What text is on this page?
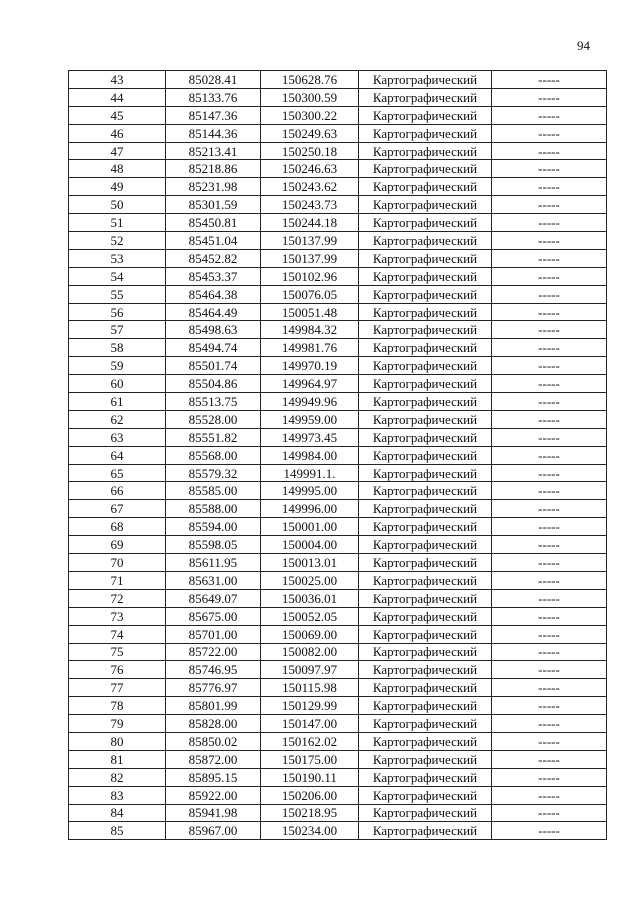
94
43	85028.41	150628.76	Картографический	-----
44	85133.76	150300.59	Картографический	-----
45	85147.36	150300.22	Картографический	-----
46	85144.36	150249.63	Картографический	-----
47	85213.41	150250.18	Картографический	-----
48	85218.86	150246.63	Картографический	-----
49	85231.98	150243.62	Картографический	-----
50	85301.59	150243.73	Картографический	-----
51	85450.81	150244.18	Картографический	-----
52	85451.04	150137.99	Картографический	-----
53	85452.82	150137.99	Картографический	-----
54	85453.37	150102.96	Картографический	-----
55	85464.38	150076.05	Картографический	-----
56	85464.49	150051.48	Картографический	-----
57	85498.63	149984.32	Картографический	-----
58	85494.74	149981.76	Картографический	-----
59	85501.74	149970.19	Картографический	-----
60	85504.86	149964.97	Картографический	-----
61	85513.75	149949.96	Картографический	-----
62	85528.00	149959.00	Картографический	-----
63	85551.82	149973.45	Картографический	-----
64	85568.00	149984.00	Картографический	-----
65	85579.32	149991.1.	Картографический	-----
66	85585.00	149995.00	Картографический	-----
67	85588.00	149996.00	Картографический	-----
68	85594.00	150001.00	Картографический	-----
69	85598.05	150004.00	Картографический	-----
70	85611.95	150013.01	Картографический	-----
71	85631.00	150025.00	Картографический	-----
72	85649.07	150036.01	Картографический	-----
73	85675.00	150052.05	Картографический	-----
74	85701.00	150069.00	Картографический	-----
75	85722.00	150082.00	Картографический	-----
76	85746.95	150097.97	Картографический	-----
77	85776.97	150115.98	Картографический	-----
78	85801.99	150129.99	Картографический	-----
79	85828.00	150147.00	Картографический	-----
80	85850.02	150162.02	Картографический	-----
81	85872.00	150175.00	Картографический	-----
82	85895.15	150190.11	Картографический	-----
83	85922.00	150206.00	Картографический	-----
84	85941.98	150218.95	Картографический	-----
85	85967.00	150234.00	Картографический	-----
